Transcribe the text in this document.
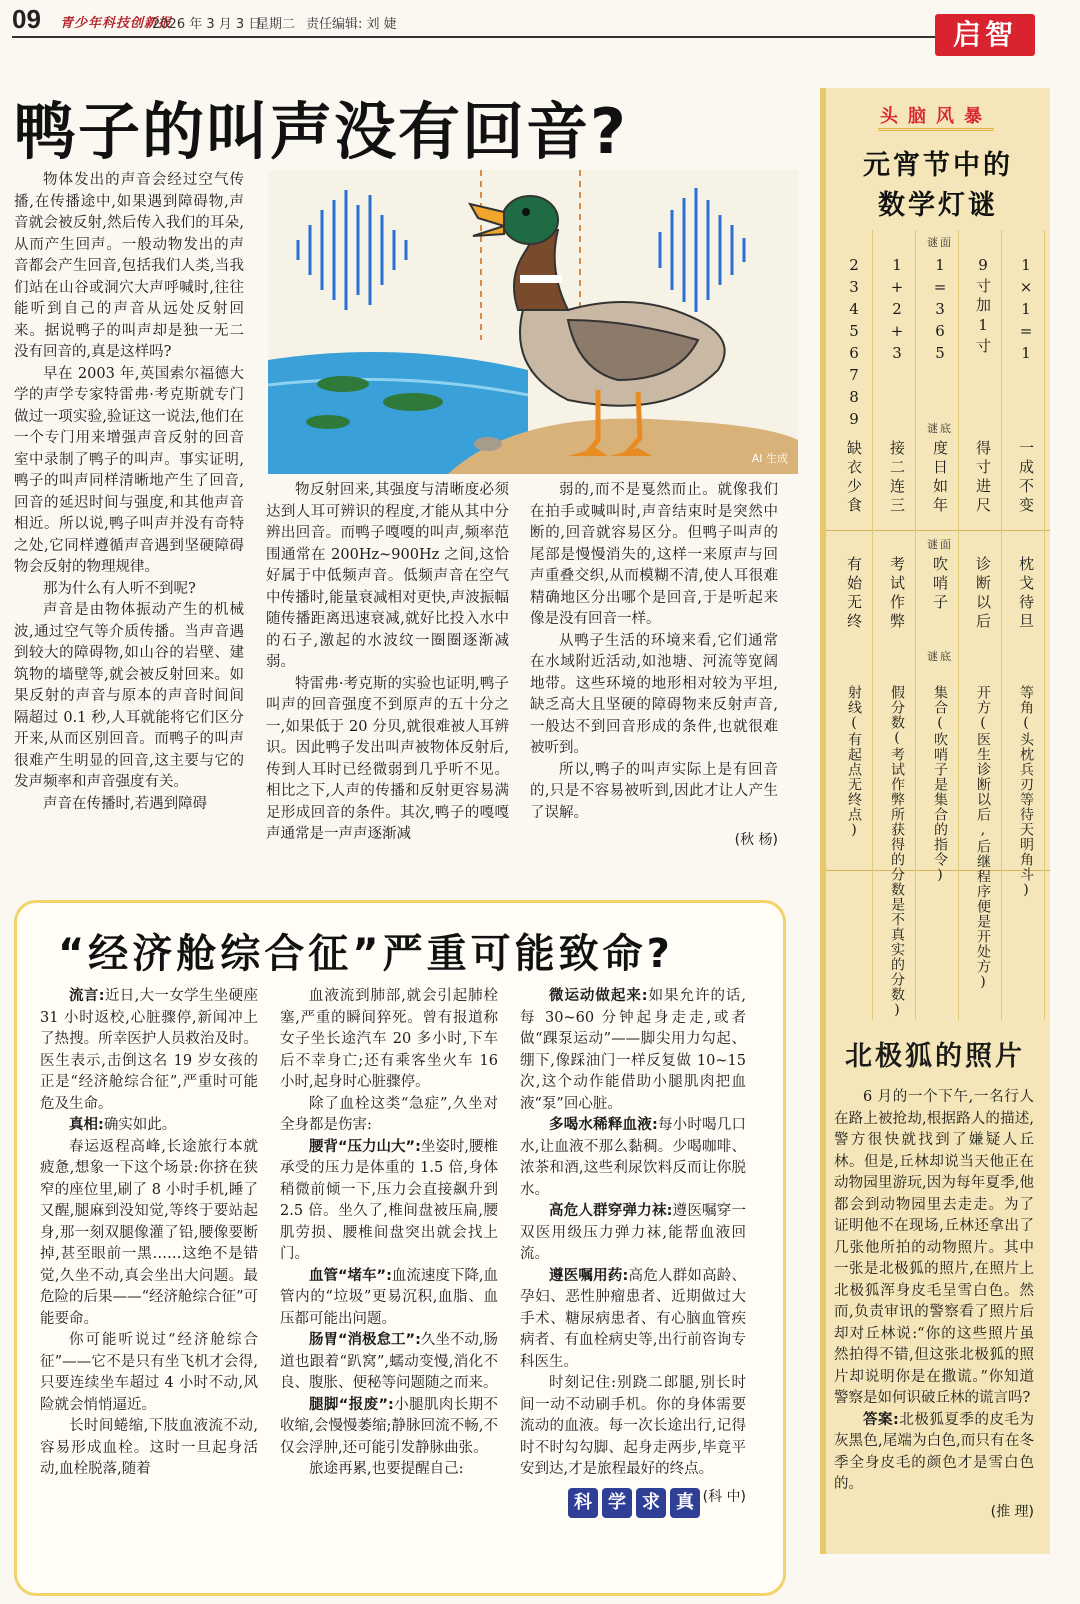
09 青少年科技创新报
2026 年 3 月 3 日
星期二 责任编辑: 刘 婕	启智
鸭子的叫声没有回音?

物体发出的声音会经过空气传播,在传播途中,如果遇到障碍物,声音就会被反射,然后传入我们的耳朵,从而产生回声。一般动物发出的声音都会产生回音,包括我们人类,当我们站在山谷或洞穴大声呼喊时,往往能听到自己的声音从远处反射回来。据说鸭子的叫声却是独一无二没有回音的,真是这样吗?

早在 2003 年,英国索尔福德大学的声学专家特雷弗·考克斯就专门做过一项实验,验证这一说法,他们在一个专门用来增强声音反射的回音室中录制了鸭子的叫声。事实证明,鸭子的叫声同样清晰地产生了回音,回音的延迟时间与强度,和其他声音相近。所以说,鸭子叫声并没有奇特之处,它同样遵循声音遇到坚硬障碍物会反射的物理规律。

那为什么有人听不到呢?

声音是由物体振动产生的机械波,通过空气等介质传播。当声音遇到较大的障碍物,如山谷的岩壁、建筑物的墙壁等,就会被反射回来。如果反射的声音与原本的声音时间间隔超过 0.1 秒,人耳就能将它们区分开来,从而区别回音。而鸭子的叫声很难产生明显的回音,这主要与它的发声频率和声音强度有关。

声音在传播时,若遇到障碍

AI 生成

物反射回来,其强度与清晰度必须达到人耳可辨识的程度,才能从其中分辨出回音。而鸭子嘎嘎的叫声,频率范围通常在 200Hz~900Hz 之间,这恰好属于中低频声音。低频声音在空气中传播时,能量衰减相对更快,声波振幅随传播距离迅速衰减,就好比投入水中的石子,激起的水波纹一圈圈逐渐减弱。

特雷弗·考克斯的实验也证明,鸭子叫声的回音强度不到原声的五十分之一,如果低于 20 分贝,就很难被人耳辨识。因此鸭子发出叫声被物体反射后,传到人耳时已经微弱到几乎听不见。相比之下,人声的传播和反射更容易满足形成回音的条件。其次,鸭子的嘎嘎声通常是一声声逐渐减

弱的,而不是戛然而止。就像我们在拍手或喊叫时,声音结束时是突然中断的,回音就容易区分。但鸭子叫声的尾部是慢慢消失的,这样一来原声与回声重叠交织,从而模糊不清,使人耳很难精确地区分出哪个是回音,于是听起来像是没有回音一样。

从鸭子生活的环境来看,它们通常在水域附近活动,如池塘、河流等宽阔地带。这些环境的地形相对较为平坦,缺乏高大且坚硬的障碍物来反射声音,一般达不到回音形成的条件,也就很难被听到。

所以,鸭子的叫声实际上是有回音的,只是不容易被听到,因此才让人产生了误解。

(秋 杨)

头脑风暴
元宵节中的
数学灯谜
23456789
缺衣少食
有始无终
射线(有起点无终点)
1+2+3
接二连三
考试作弊
假分数(考试作弊所获得的分数是不真实的分数)
1=365
度日如年
吹哨子
集合(吹哨子是集合的指令)
谜面
谜底
谜面
谜底
9寸加1寸
得寸进尺
诊断以后
开方(医生诊断以后,后继程序便是开处方)
1×1=1
一成不变
枕戈待旦
等角(头枕兵刃等待天明角斗)
“经济舱综合征”严重可能致命?

流言:近日,大一女学生坐硬座 31 小时返校,心脏骤停,新闻冲上了热搜。所幸医护人员救治及时。医生表示,击倒这名 19 岁女孩的正是“经济舱综合征”,严重时可能危及生命。

真相:确实如此。

春运返程高峰,长途旅行本就疲惫,想象一下这个场景:你挤在狭窄的座位里,刷了 8 小时手机,睡了又醒,腿麻到没知觉,等终于要站起身,那一刻双腿像灌了铅,腰像要断掉,甚至眼前一黑……这绝不是错觉,久坐不动,真会坐出大问题。最危险的后果——“经济舱综合征”可能要命。

你可能听说过“经济舱综合征”——它不是只有坐飞机才会得,只要连续坐车超过 4 小时不动,风险就会悄悄逼近。

长时间蜷缩,下肢血液流不动,容易形成血栓。这时一旦起身活动,血栓脱落,随着

血液流到肺部,就会引起肺栓塞,严重的瞬间猝死。曾有报道称女子坐长途汽车 20 多小时,下车后不幸身亡;还有乘客坐火车 16 小时,起身时心脏骤停。

除了血栓这类“急症”,久坐对全身都是伤害:

腰背“压力山大”:坐姿时,腰椎承受的压力是体重的 1.5 倍,身体稍微前倾一下,压力会直接飙升到 2.5 倍。坐久了,椎间盘被压扁,腰肌劳损、腰椎间盘突出就会找上门。

血管“堵车”:血流速度下降,血管内的“垃圾”更易沉积,血脂、血压都可能出问题。

肠胃“消极怠工”:久坐不动,肠道也跟着“趴窝”,蠕动变慢,消化不良、腹胀、便秘等问题随之而来。

腿脚“报废”:小腿肌肉长期不收缩,会慢慢萎缩;静脉回流不畅,不仅会浮肿,还可能引发静脉曲张。

旅途再累,也要提醒自己:

微运动做起来:如果允许的话,每 30~60 分钟起身走走,或者做“踝泵运动”——脚尖用力勾起、绷下,像踩油门一样反复做 10~15 次,这个动作能借助小腿肌肉把血液“泵”回心脏。

多喝水稀释血液:每小时喝几口水,让血液不那么黏稠。少喝咖啡、浓茶和酒,这些利尿饮料反而让你脱水。

高危人群穿弹力袜:遵医嘱穿一双医用级压力弹力袜,能帮血液回流。

遵医嘱用药:高危人群如高龄、孕妇、恶性肿瘤患者、近期做过大手术、糖尿病患者、有心脑血管疾病者、有血栓病史等,出行前咨询专科医生。

时刻记住:别跷二郎腿,别长时间一动不动刷手机。你的身体需要流动的血液。每一次长途出行,记得时不时勾勾脚、起身走两步,毕竟平安到达,才是旅程最好的终点。

(科 中)

科 学 求 真
北极狐的照片

6 月的一个下午,一名行人在路上被抢劫,根据路人的描述,警方很快就找到了嫌疑人丘林。但是,丘林却说当天他正在动物园里游玩,因为每年夏季,他都会到动物园里去走走。为了证明他不在现场,丘林还拿出了几张他所拍的动物照片。其中一张是北极狐的照片,在照片上北极狐浑身皮毛呈雪白色。然而,负责审讯的警察看了照片后却对丘林说:“你的这些照片虽然拍得不错,但这张北极狐的照片却说明你是在撒谎。”你知道警察是如何识破丘林的谎言吗?

答案:北极狐夏季的皮毛为灰黑色,尾端为白色,而只有在冬季全身皮毛的颜色才是雪白色的。

(推 理)
